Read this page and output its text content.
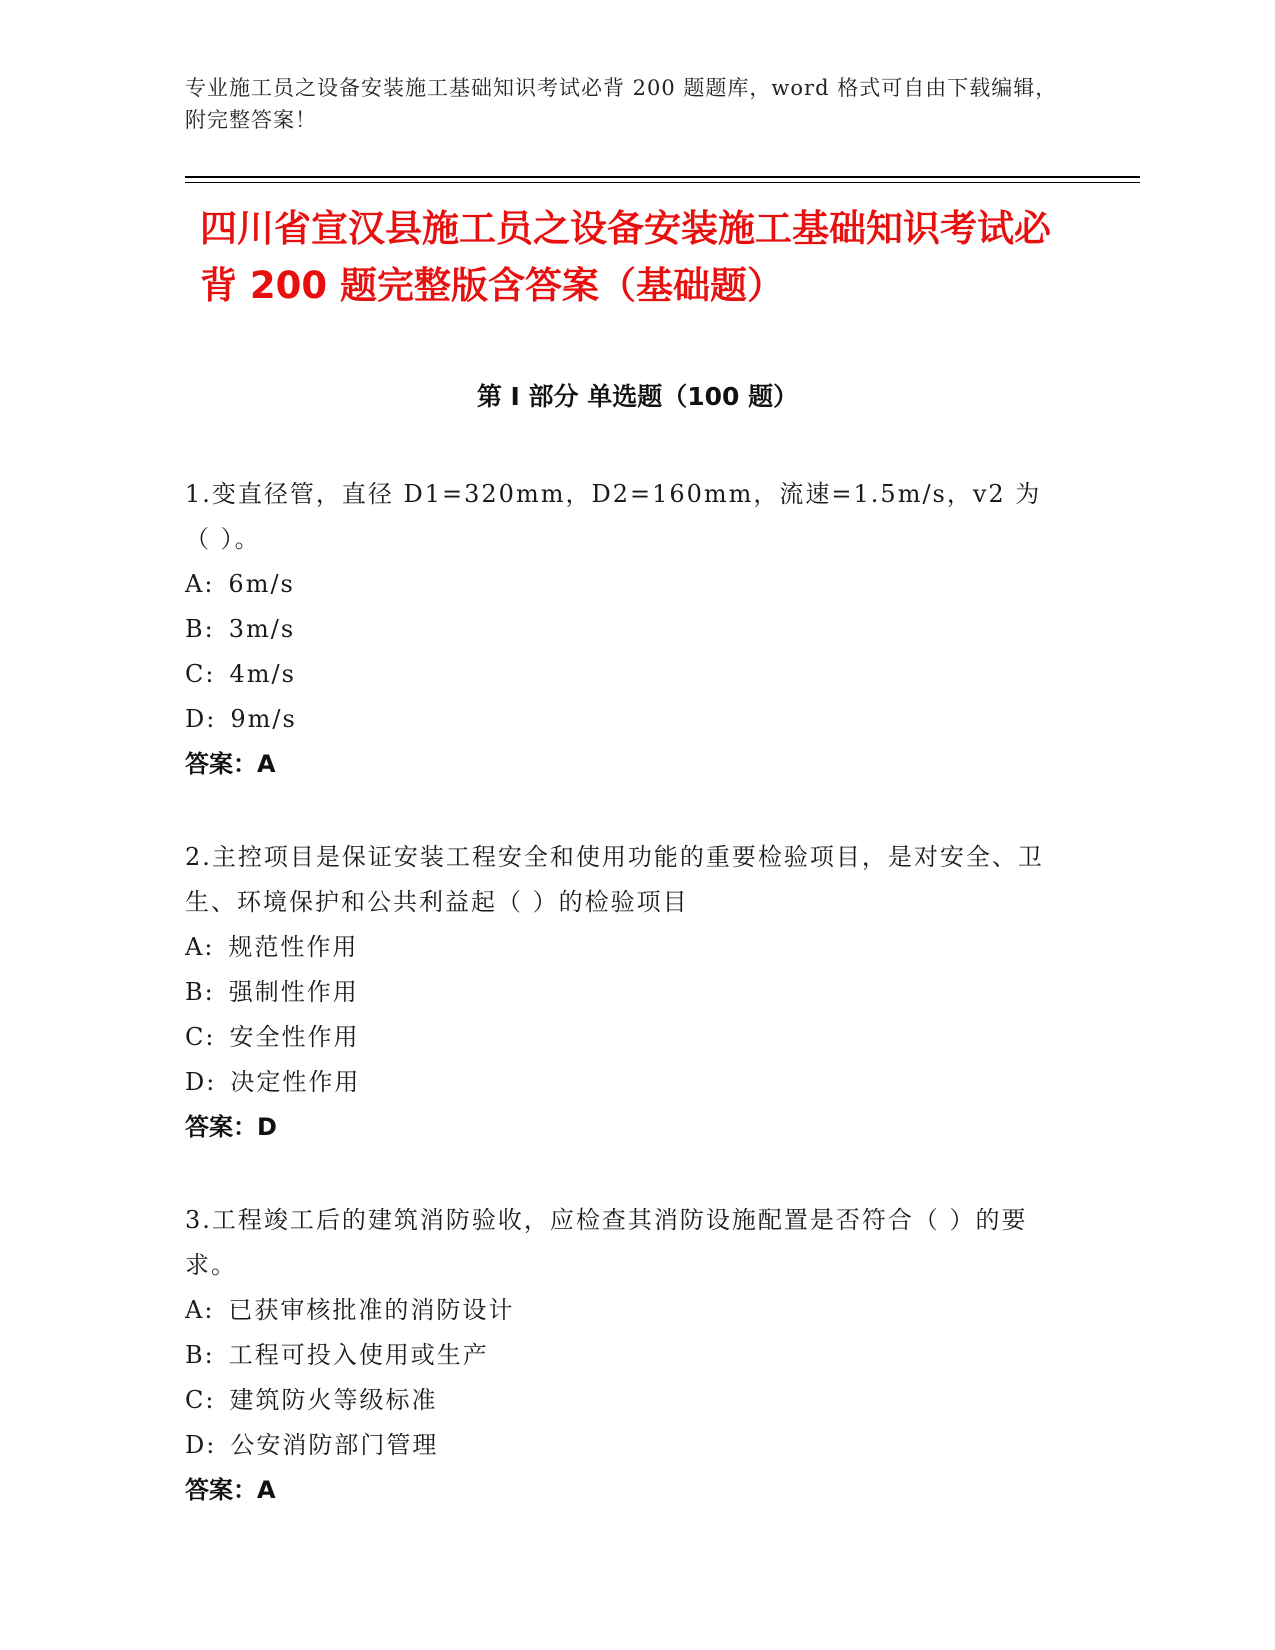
专业施工员之设备安装施工基础知识考试必背 200 题题库，word 格式可自由下载编辑，附完整答案！
四川省宣汉县施工员之设备安装施工基础知识考试必背 200 题完整版含答案（基础题）
第 I 部分 单选题（100 题）
1.变直径管，直径 D1=320mm，D2=160mm，流速=1.5m/s，v2 为（ ）。
A: 6m/s
B: 3m/s
C: 4m/s
D: 9m/s
答案：A
2.主控项目是保证安装工程安全和使用功能的重要检验项目，是对安全、卫生、环境保护和公共利益起（ ）的检验项目
A: 规范性作用
B: 强制性作用
C: 安全性作用
D: 决定性作用
答案：D
3.工程竣工后的建筑消防验收，应检查其消防设施配置是否符合（ ）的要求。
A: 已获审核批准的消防设计
B: 工程可投入使用或生产
C: 建筑防火等级标准
D: 公安消防部门管理
答案：A
